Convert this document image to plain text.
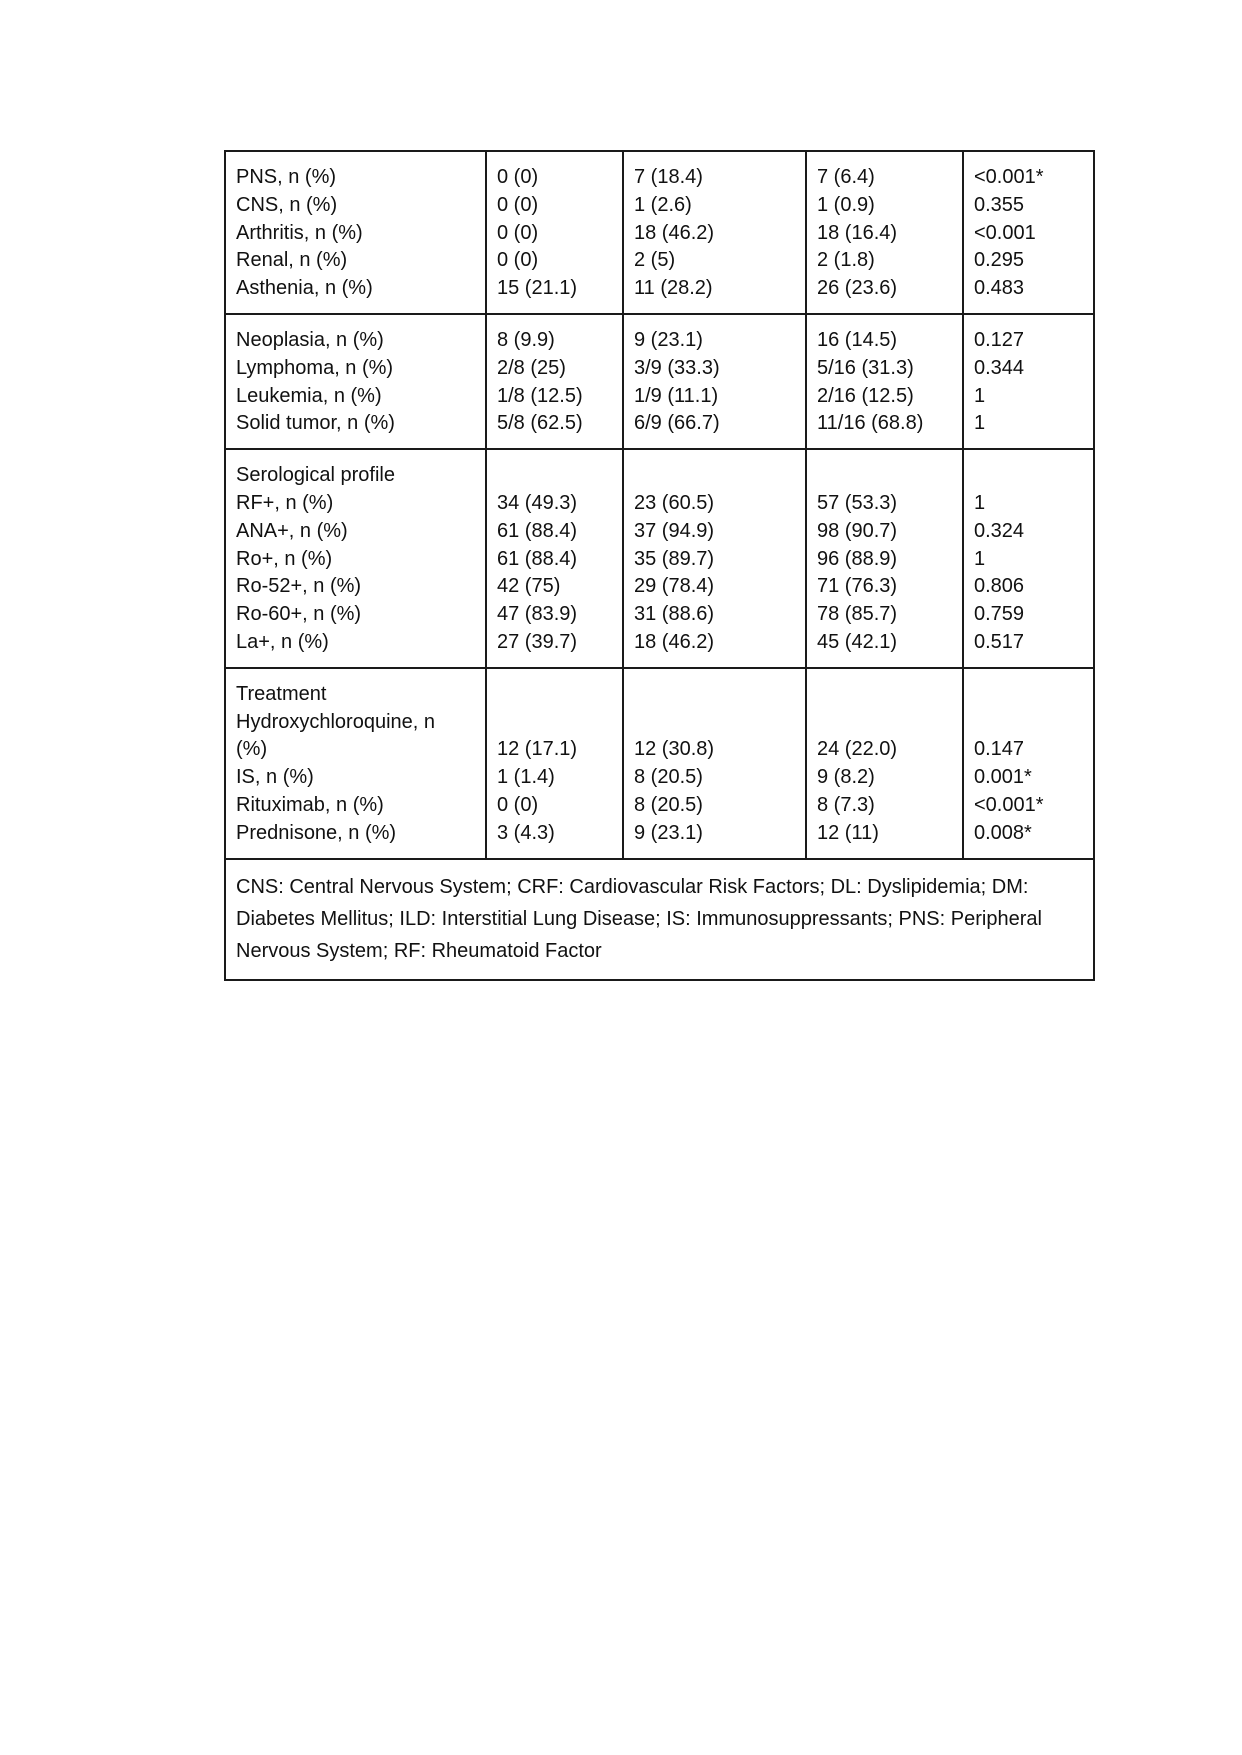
PNS, n (%)
CNS, n (%)
Arthritis, n (%)
Renal, n (%)
Asthenia, n (%)
0 (0)
0 (0)
0 (0)
0 (0)
15 (21.1)
7 (18.4)
1 (2.6)
18 (46.2)
2 (5)
11 (28.2)
7 (6.4)
1 (0.9)
18 (16.4)
2 (1.8)
26 (23.6)
<0.001*
0.355
<0.001
0.295
0.483
Neoplasia, n (%)
Lymphoma, n (%)
Leukemia, n (%)
Solid tumor, n (%)
8 (9.9)
2/8 (25)
1/8 (12.5)
5/8 (62.5)
9 (23.1)
3/9 (33.3)
1/9 (11.1)
6/9 (66.7)
16 (14.5)
5/16 (31.3)
2/16 (12.5)
11/16 (68.8)
0.127
0.344
1
1
Serological profile
RF+, n (%)
ANA+, n (%)
Ro+, n (%)
Ro-52+, n (%)
Ro-60+, n (%)
La+, n (%)

34 (49.3)
61 (88.4)
61 (88.4)
42 (75)
47 (83.9)
27 (39.7)

23 (60.5)
37 (94.9)
35 (89.7)
29 (78.4)
31 (88.6)
18 (46.2)

57 (53.3)
98 (90.7)
96 (88.9)
71 (76.3)
78 (85.7)
45 (42.1)

1
0.324
1
0.806
0.759
0.517
Treatment
Hydroxychloroquine, n
(%)
IS, n (%)
Rituximab, n (%)
Prednisone, n (%)

12 (17.1)
1 (1.4)
0 (0)
3 (4.3)

12 (30.8)
8 (20.5)
8 (20.5)
9 (23.1)

24 (22.0)
9 (8.2)
8 (7.3)
12 (11)

0.147
0.001*
<0.001*
0.008*
CNS: Central Nervous System; CRF: Cardiovascular Risk Factors; DL: Dyslipidemia; DM: Diabetes Mellitus; ILD: Interstitial Lung Disease; IS: Immunosuppressants; PNS: Peripheral Nervous System; RF: Rheumatoid Factor
